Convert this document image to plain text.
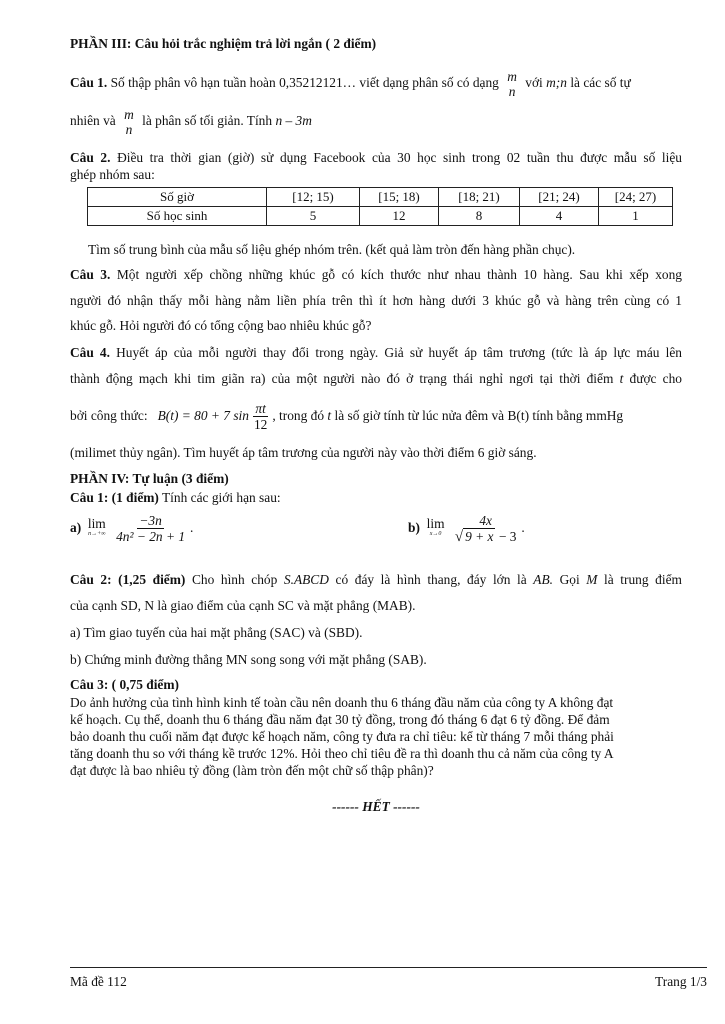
PHẦN III: Câu hỏi trắc nghiệm trả lời ngắn ( 2 điểm)
Câu 1. Số thập phân vô hạn tuần hoàn 0,35212121… viết dạng phân số có dạng m
n
với m;n là các số tự
nhiên và m
n
là phân số tối giản. Tính n – 3m
Câu 2. Điều tra thời gian (giờ) sử dụng Facebook của 30 học sinh trong 02 tuần thu được mẫu số liệu
ghép nhóm sau:
Số giờ	[12; 15)	[15; 18)	[18; 21)	[21; 24)	[24; 27)
Số học sinh	5	12	8	4	1
Tìm số trung bình của mẫu số liệu ghép nhóm trên. (kết quả làm tròn đến hàng phần chục).
Câu 3. Một người xếp chồng những khúc gỗ có kích thước như nhau thành 10 hàng. Sau khi xếp xong
người đó nhận thấy mỗi hàng nằm liền phía trên thì ít hơn hàng dưới 3 khúc gỗ và hàng trên cùng có 1
khúc gỗ. Hỏi người đó có tổng cộng bao nhiêu khúc gỗ?
Câu 4. Huyết áp của mỗi người thay đổi trong ngày. Giả sử huyết áp tâm trương (tức là áp lực máu lên
thành động mạch khi tim giãn ra) của một người nào đó ở trạng thái nghỉ ngơi tại thời điểm t được cho
bởi công thức: B(t) = 80 + 7 $\sin \frac{\pi t}{12}$ , trong đó t là số giờ tính từ lúc nửa đêm và B(t) tính bằng mmHg
(milimet thủy ngân). Tìm huyết áp tâm trương của người này vào thời điểm 6 giờ sáng.
PHẦN IV: Tự luận (3 điểm)
Câu 1: (1 điểm) Tính các giới hạn sau:
a) lim
n→+∞
$\frac{-3n}{\text{4n² − 2n + 1}}$ .	b) lim
x→0
$\frac{4x}{√ 9 + x - 3}$ .
Câu 2: (1,25 điểm) Cho hình chóp S.ABCD có đáy là hình thang, đáy lớn là AB. Gọi M là trung điểm
của cạnh SD, N là giao điểm của cạnh SC và mặt phẳng (MAB).
a) Tìm giao tuyến của hai mặt phẳng (SAC) và (SBD).
b) Chứng minh đường thẳng MN song song với mặt phẳng (SAB).
Câu 3: ( 0,75 điểm)
Do ảnh hưởng của tình hình kinh tế toàn cầu nên doanh thu 6 tháng đầu năm của công ty A không đạt
kế hoạch. Cụ thể, doanh thu 6 tháng đầu năm đạt 30 tỷ đồng, trong đó tháng 6 đạt 6 tỷ đồng. Để đảm
bảo doanh thu cuối năm đạt được kế hoạch năm, công ty đưa ra chỉ tiêu: kể từ tháng 7 mỗi tháng phải
tăng doanh thu so với tháng kề trước 12%. Hỏi theo chỉ tiêu đề ra thì doanh thu cả năm của công ty A
đạt được là bao nhiêu tỷ đồng (làm tròn đến một chữ số thập phân)?
------ HẾT ------
Mã đề 112	Trang 1/3
